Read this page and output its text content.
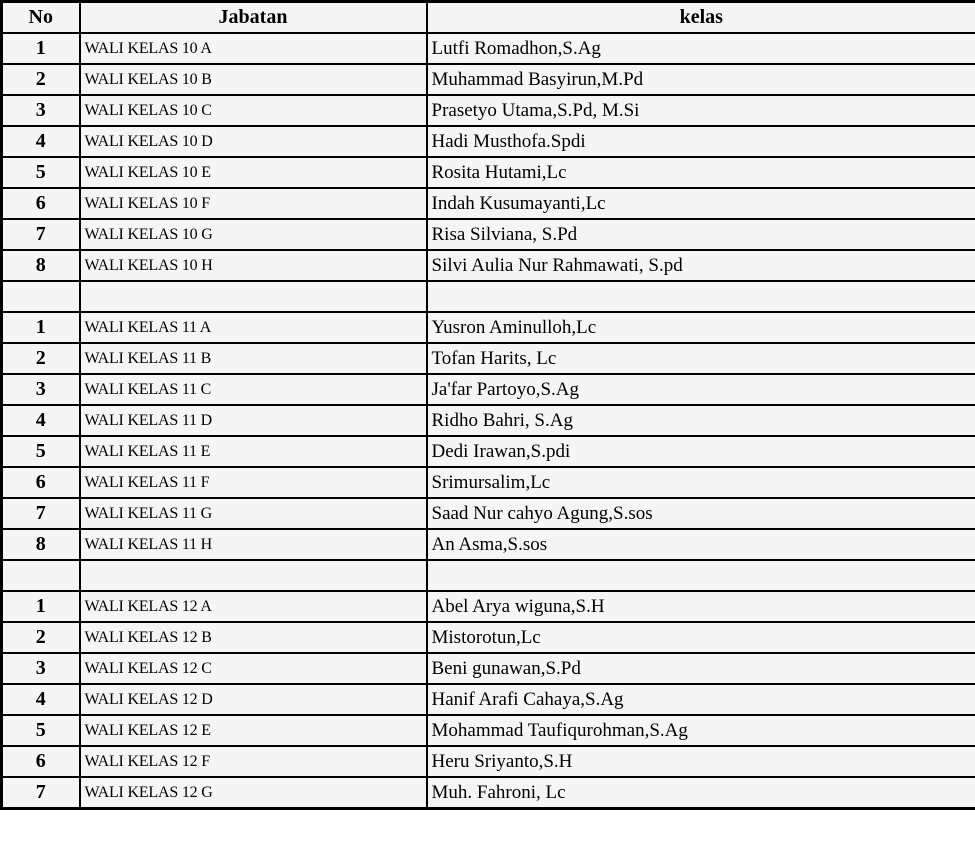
No	Jabatan	kelas
1	WALI KELAS 10 A	Lutfi Romadhon,S.Ag
2	WALI KELAS 10 B	Muhammad Basyirun,M.Pd
3	WALI KELAS 10 C	Prasetyo Utama,S.Pd, M.Si
4	WALI KELAS 10 D	Hadi Musthofa.Spdi
5	WALI KELAS 10 E	Rosita Hutami,Lc
6	WALI KELAS 10 F	Indah Kusumayanti,Lc
7	WALI KELAS 10 G	Risa Silviana, S.Pd
8	WALI KELAS 10 H	Silvi Aulia Nur Rahmawati, S.pd

1	WALI KELAS 11 A	Yusron Aminulloh,Lc
2	WALI KELAS 11 B	Tofan Harits, Lc
3	WALI KELAS 11 C	Ja'far Partoyo,S.Ag
4	WALI KELAS 11 D	Ridho Bahri, S.Ag
5	WALI KELAS 11 E	Dedi Irawan,S.pdi
6	WALI KELAS 11 F	Srimursalim,Lc
7	WALI KELAS 11 G	Saad Nur cahyo Agung,S.sos
8	WALI KELAS 11 H	An Asma,S.sos

1	WALI KELAS 12 A	Abel Arya wiguna,S.H
2	WALI KELAS 12 B	Mistorotun,Lc
3	WALI KELAS 12 C	Beni gunawan,S.Pd
4	WALI KELAS 12 D	Hanif Arafi Cahaya,S.Ag
5	WALI KELAS 12 E	Mohammad Taufiqurohman,S.Ag
6	WALI KELAS 12 F	Heru Sriyanto,S.H
7	WALI KELAS 12 G	Muh. Fahroni, Lc
